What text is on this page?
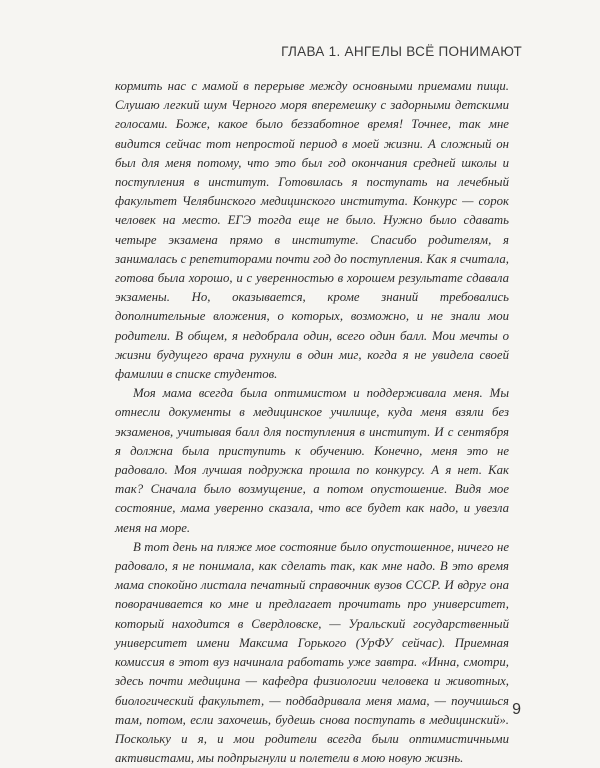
ГЛАВА 1. АНГЕЛЫ ВСЁ ПОНИМАЮТ

кормить нас с мамой в перерыве между основными приемами пищи. Слушаю легкий шум Черного моря вперемешку с задорными детскими голосами. Боже, какое было беззаботное время! Точнее, так мне видится сейчас тот непростой период в моей жизни. А сложный он был для меня потому, что это был год окончания средней школы и поступления в институт. Готовилась я поступать на лечебный факультет Челябинского медицинского института. Конкурс — сорок человек на место. ЕГЭ тогда еще не было. Нужно было сдавать четыре экзамена прямо в институте. Спасибо родителям, я занималась с репетиторами почти год до поступления. Как я считала, готова была хорошо, и с уверенностью в хорошем результате сдавала экзамены. Но, оказывается, кроме знаний требовались дополнительные вложения, о которых, возможно, и не знали мои родители. В общем, я недобрала один, всего один балл. Мои мечты о жизни будущего врача рухнули в один миг, когда я не увидела своей фамилии в списке студентов.

Моя мама всегда была оптимистом и поддерживала меня. Мы отнесли документы в медицинское училище, куда меня взяли без экзаменов, учитывая балл для поступления в институт. И с сентября я должна была приступить к обучению. Конечно, меня это не радовало. Моя лучшая подружка прошла по конкурсу. А я нет. Как так? Сначала было возмущение, а потом опустошение. Видя мое состояние, мама уверенно сказала, что все будет как надо, и увезла меня на море.

В тот день на пляже мое состояние было опустошенное, ничего не радовало, я не понимала, как сделать так, как мне надо. В это время мама спокойно листала печатный справочник вузов СССР. И вдруг она поворачивается ко мне и предлагает прочитать про университет, который находится в Свердловске, — Уральский государственный университет имени Максима Горького (УрФУ сейчас). Приемная комиссия в этот вуз начинала работать уже завтра. «Инна, смотри, здесь почти медицина — кафедра физиологии человека и животных, биологический факультет, — подбадривала меня мама, — поучишься там, потом, если захочешь, будешь снова поступать в медицинский». Поскольку и я, и мои родители всегда были оптимистичными активистами, мы подпрыгнули и полетели в мою новую жизнь.

9
